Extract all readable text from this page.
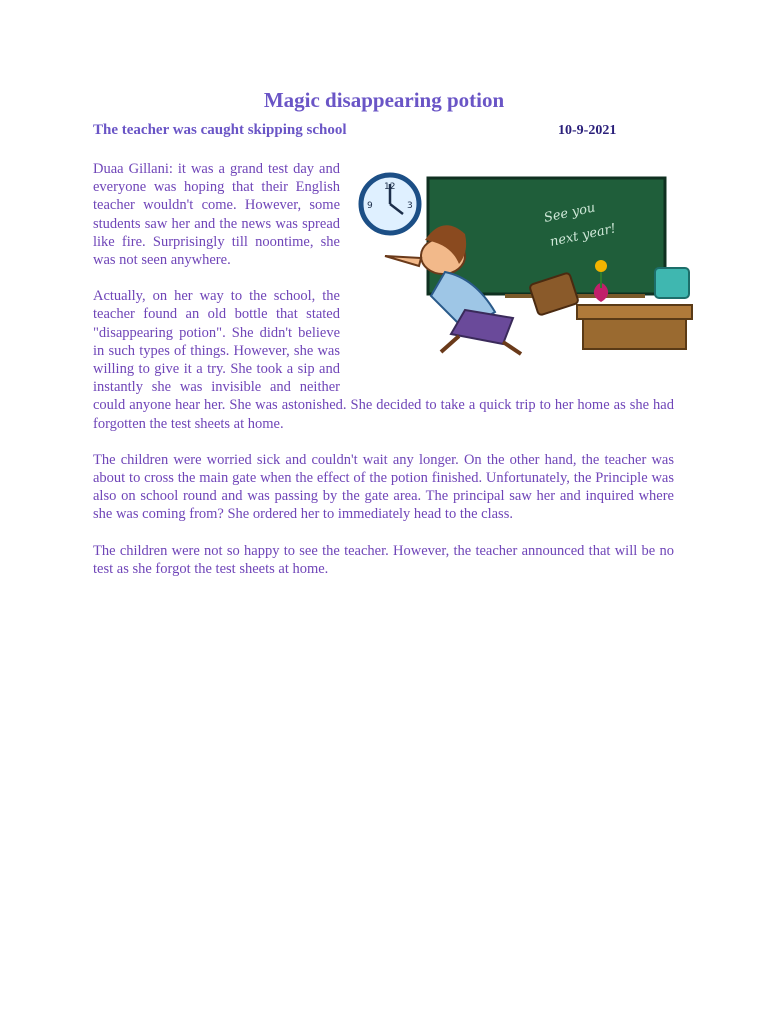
Magic disappearing potion
The teacher was caught skipping school	10-9-2021

Duaa Gillani: it was a grand test day and everyone was hoping that their English teacher wouldn't come. However, some students saw her and the news was spread like fire. Surprisingly till noontime, she was not seen anywhere.

Actually, on her way to the school, the teacher found an old bottle that stated "disappearing potion". She didn't believe in such types of things. However, she was willing to give it a try. She took a sip and instantly she was invisible and neither could anyone hear her. She was astonished. She decided to take a quick trip to her home as she had forgotten the test sheets at home.

The children were worried sick and couldn't wait any longer. On the other hand, the teacher was about to cross the main gate when the effect of the potion finished. Unfortunately, the Principle was also on school round and was passing by the gate area. The principal saw her and inquired where she was coming from? She ordered her to immediately head to the class.

The children were not so happy to see the teacher. However, the teacher announced that will be no test as she forgot the test sheets at home.

See you
next year!
12
9	3
